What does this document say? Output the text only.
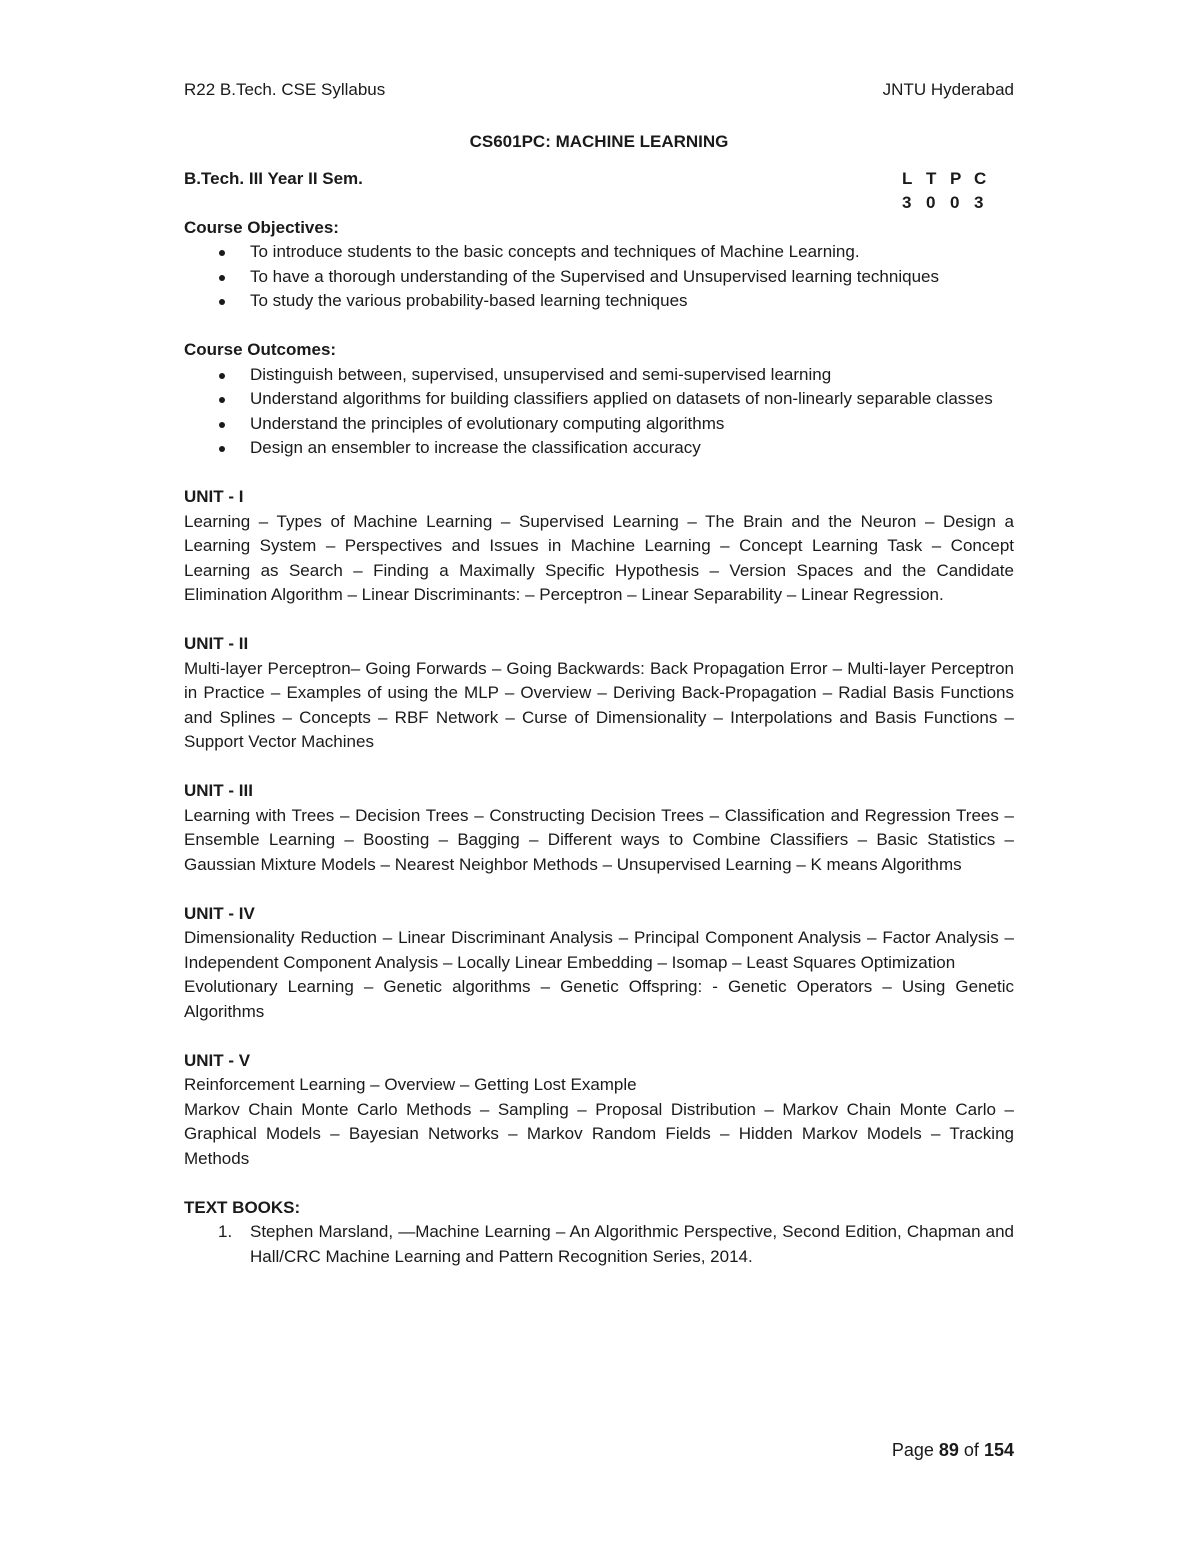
R22 B.Tech. CSE Syllabus	JNTU Hyderabad
CS601PC: MACHINE LEARNING
B.Tech. III Year II Sem.	L T P C
3 0 0 3
Course Objectives:
To introduce students to the basic concepts and techniques of Machine Learning.
To have a thorough understanding of the Supervised and Unsupervised learning techniques
To study the various probability-based learning techniques
Course Outcomes:
Distinguish between, supervised, unsupervised and semi-supervised learning
Understand algorithms for building classifiers applied on datasets of non-linearly separable classes
Understand the principles of evolutionary computing algorithms
Design an ensembler to increase the classification accuracy
UNIT - I
Learning – Types of Machine Learning – Supervised Learning – The Brain and the Neuron – Design a Learning System – Perspectives and Issues in Machine Learning – Concept Learning Task – Concept Learning as Search – Finding a Maximally Specific Hypothesis – Version Spaces and the Candidate Elimination Algorithm – Linear Discriminants: – Perceptron – Linear Separability – Linear Regression.
UNIT - II
Multi-layer Perceptron– Going Forwards – Going Backwards: Back Propagation Error – Multi-layer Perceptron in Practice – Examples of using the MLP – Overview – Deriving Back-Propagation – Radial Basis Functions and Splines – Concepts – RBF Network – Curse of Dimensionality – Interpolations and Basis Functions – Support Vector Machines
UNIT - III
Learning with Trees – Decision Trees – Constructing Decision Trees – Classification and Regression Trees – Ensemble Learning – Boosting – Bagging – Different ways to Combine Classifiers – Basic Statistics – Gaussian Mixture Models – Nearest Neighbor Methods – Unsupervised Learning – K means Algorithms
UNIT - IV
Dimensionality Reduction – Linear Discriminant Analysis – Principal Component Analysis – Factor Analysis – Independent Component Analysis – Locally Linear Embedding – Isomap – Least Squares Optimization
Evolutionary Learning – Genetic algorithms – Genetic Offspring: - Genetic Operators – Using Genetic Algorithms
UNIT - V
Reinforcement Learning – Overview – Getting Lost Example
Markov Chain Monte Carlo Methods – Sampling – Proposal Distribution – Markov Chain Monte Carlo – Graphical Models – Bayesian Networks – Markov Random Fields – Hidden Markov Models – Tracking Methods
TEXT BOOKS:
1. Stephen Marsland, ―Machine Learning – An Algorithmic Perspective, Second Edition, Chapman and Hall/CRC Machine Learning and Pattern Recognition Series, 2014.
Page 89 of 154
